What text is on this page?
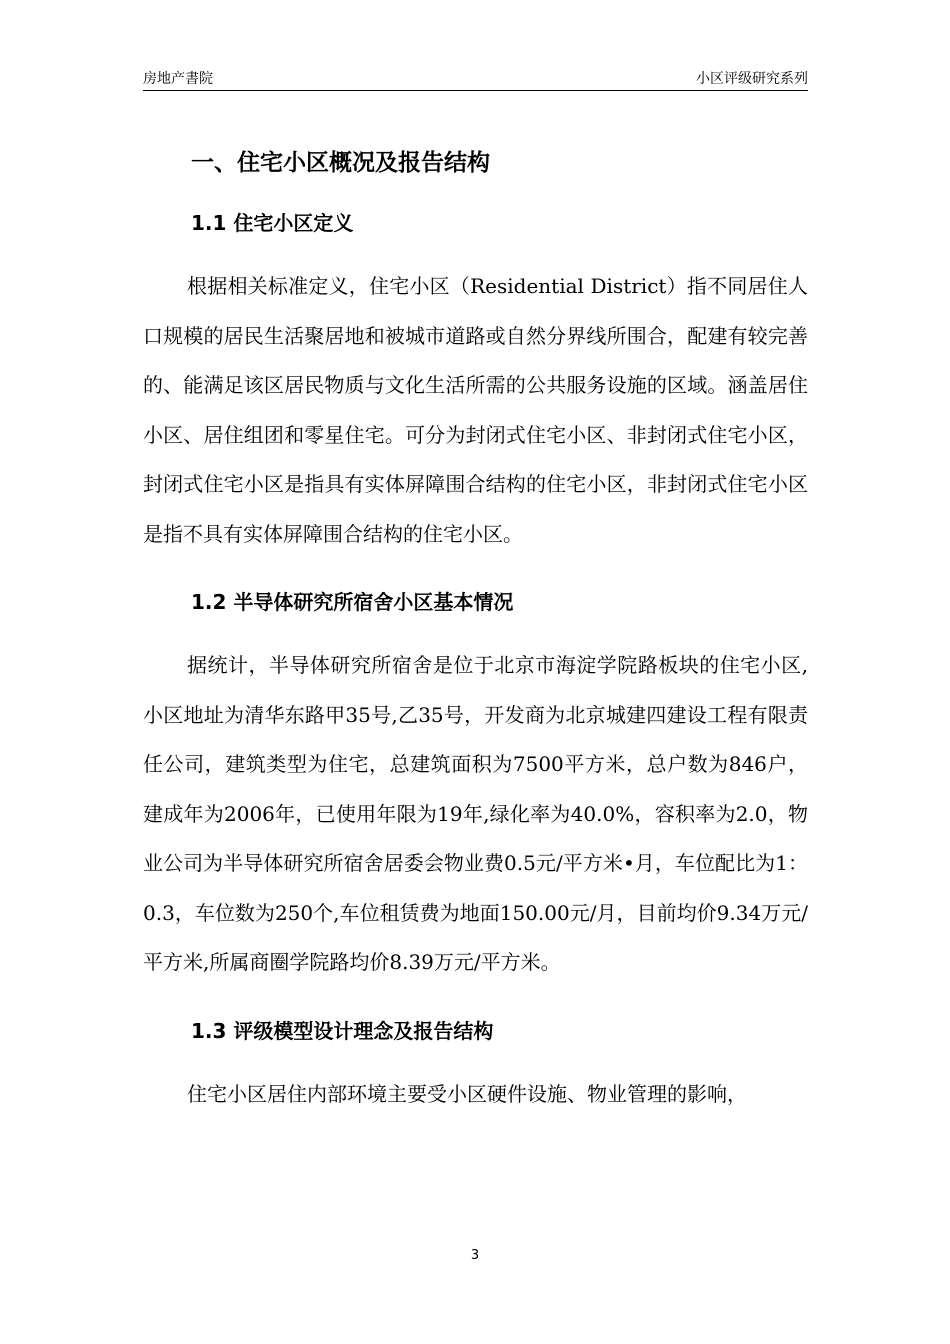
房地产書院	小区评级研究系列
一、住宅小区概况及报告结构
1.1 住宅小区定义

根据相关标准定义，住宅小区（Residential District）指不同居住人口规模的居民生活聚居地和被城市道路或自然分界线所围合，配建有较完善的、能满足该区居民物质与文化生活所需的公共服务设施的区域。涵盖居住小区、居住组团和零星住宅。可分为封闭式住宅小区、非封闭式住宅小区，封闭式住宅小区是指具有实体屏障围合结构的住宅小区，非封闭式住宅小区是指不具有实体屏障围合结构的住宅小区。

1.2 半导体研究所宿舍小区基本情况

据统计，半导体研究所宿舍是位于北京市海淀学院路板块的住宅小区,小区地址为清华东路甲35号,乙35号，开发商为北京城建四建设工程有限责任公司，建筑类型为住宅，总建筑面积为7500平方米，总户数为846户，建成年为2006年，已使用年限为19年,绿化率为40.0%，容积率为2.0，物业公司为半导体研究所宿舍居委会物业费0.5元/平方米•月，车位配比为1：0.3，车位数为250个,车位租赁费为地面150.00元/月，目前均价9.34万元/平方米,所属商圈学院路均价8.39万元/平方米。

1.3 评级模型设计理念及报告结构

住宅小区居住内部环境主要受小区硬件设施、物业管理的影响，

3
